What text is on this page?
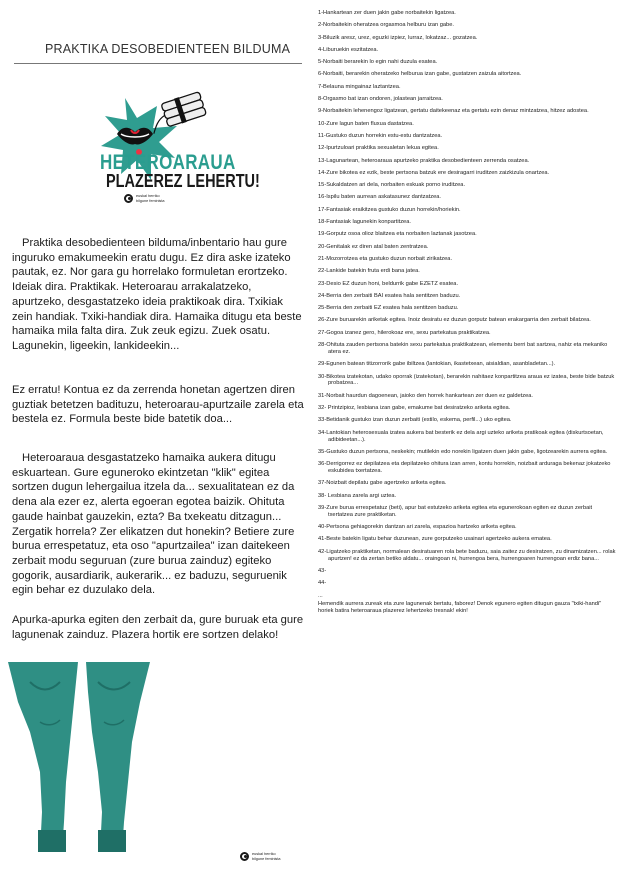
PRAKTIKA DESOBEDIENTEEN BILDUMA
HETEROARAUA
PLAZEREZ LEHERTU!
euskal herriko
bilgune feminista

Praktika desobedienteen bilduma/inbentario hau gure inguruko emakumeekin eratu dugu. Ez dira aske izateko pautak, ez. Nor gara gu horrelako formuletan erortzeko. Ideiak dira. Praktikak. Heteroarau arrakalatzeko, apurtzeko, desgastatzeko ideia praktikoak dira. Txikiak zein handiak. Txiki-handiak dira. Hamaika ditugu eta beste hamaika mila falta dira. Zuk zeuk egizu. Zuek osatu. Lagunekin, ligeekin, lankideekin...

Ez erratu! Kontua ez da zerrenda honetan agertzen diren guztiak betetzen badituzu, heteroarau-apurtzaile zarela eta bestela ez. Formula beste bide batetik doa...

Heteroaraua desgastatzeko hamaika aukera ditugu eskuartean. Gure eguneroko ekintzetan "klik" egitea sortzen dugun lehergailua itzela da... sexualitatean ez da dena ala ezer ez, alerta egoeran egotea baizik. Ohituta gaude hainbat gauzekin, ezta? Ba txekeatu ditzagun... Zergatik horrela? Zer elikatzen dut honekin? Betiere zure burua errespetatuz, eta oso "apurtzailea" izan daitekeen zerbait modu seguruan (zure burua zainduz) egiteko gogorik, ausardiarik, aukerarik... ez baduzu, seguruenik egin behar ez duzulako dela.

Apurka-apurka egiten den zerbait da, gure buruak eta gure lagunenak zainduz. Plazera hortik ere sortzen delako!

euskal herriko
bilgune feminista
1-Hankartean zer duen jakin gabe norbaitekin ligatzea.
2-Norbaitekin oheratzea orgasmoa helburu izan gabe.
3-Biluzik aresz, urez, eguzki izpiez, lurraz, lokatzaz... gozatzea.
4-Liburuekin eszitatzea.
5-Norbaiti berarekin lo egin nahi duzula esatea.
6-Norbaiti, berarekin oheratzeko helburua izan gabe, gustatzen zaizula aitortzea.
7-Belauna mingainaz laztantzea.
8-Orgasmo bat izan ondoren, jolastean jarraitzea.
9-Norbaitekin lehenengoz ligatzean, gertatu daitekeenaz eta gertatu ezin denaz mintzatzea, hitzez adostea.
10-Zure lagun baten fluxua dastatzea.
11-Gustuko duzun horrekin estu-estu dantzatzea.
12-Ipurtzuloari praktika sexualetan lekua egitea.
13-Lagunartean, heteroaraua apurtzeko praktika desobedienteen zerrenda osatzea.
14-Zure bikotea ez ezik, beste pertsona batzuk ere desiragarri iruditzen zaizkizula onartzea.
15-Sukaldatzen ari dela, norbaiten eskuak porno iruditzea.
16-Ispilu baten aurrean askatasunez dantzatzea.
17-Fantasiak eraikitzea gustuko duzun horrekin/horiekin.
18-Fantasiak lagunekin konpartitzea.
19-Gorputz osoa olioz blaitzea eta norbaiten laztanak jasotzea.
20-Genitalak ez diren atal baten zentratzea.
21-Mozorrotzea eta gustuko duzun norbait zirikatzea.
22-Lankide batekin fruta erdi bana jatea.
23-Desio EZ duzun honi, beldurrik gabe EZETZ esatea.
24-Berria den zerbaiti BAI esatea hala sentitzen baduzu.
25-Berria den zerbaiti EZ esatea hala sentitzen baduzu.
26-Zure buruarekin ariketak egitea. Inoiz desiratu ez duzun gorputz batean erakargarria den zerbait bilatzea.
27-Gogoa izanez gero, hilerokoaz ere, sexu partekatua praktikatzea.
28-Ohituta zauden pertsona batekin sexu partekatua praktikatzean, elementu berri bat sartzea, nahiz eta mekaniko atera ez.
29-Egunen batean titizorrorik gabe ibiltzea (lantokian, ikastetxean, aisialdian, asanbladetan...).
30-Bikotea izatekotan, udako oporrak (izatekotan), berarekin nahitaez konpartitzea araua ez izatea, beste bide batzuk probatzea...
31-Norbait haurdun dagoenean, jaioko den horrek hankartean zer duen ez galdetzea.
32- Printzipioz, lesbiana izan gabe, emakume bat desiratzeko ariketa egitea.
33-Betidanik gustuko izan duzun zerbaiti (estilo, eskema, perfil...) uko egitea.
34-Lantokian heterosexuala izatea aukera bat besterik ez dela argi uzteko ariketa pratikoak egitea (diskurtsoetan, adibideetan...).
35-Gustuko duzun pertsona, neskekin; mutilekin edo norekin ligatzen duen jakin gabe, ligotzearekin aurrera egitea.
36-Derrigorrez ez depilatzea eta depilatzeko ohitura izan arren, kontu horrekin, noizbait arduraga bekenaz jokatzeko eskubidea txertatzea.
37-Noizbait depilatu gabe agertzeko ariketa egitea.
38- Lesbiana zarela argi uztea.
39-Zure burua errespetatuz (beti), apur bat estutzeko ariketa egitea eta egunerokoan egiten ez duzun zerbait txertatzea zure praktiketan.
40-Pertsona gehiagorekin dantzan ari zarela, espazioa hartzeko ariketa egitea.
41-Beste batekin ligatu behar duzunean, zure gorputzeko usainari agertzeko aukera ematea.
42-Ligatzeko praktiketan, normalean desiratuaren rola bete baduzu, saia zaitez zu desiratzen, zu dinamizatzen... rolak apurtzen! ez da zertan betiko aldatu... oraingoan ni, hurrengoa bera, hurrengoaren hurrengoan erdiz bana...
43-
44-
...
Hemendik aurrera zureak eta zure lagunenak bertatu, faborez! Denok egunero egiten ditugun gauza "txiki-handi" horiek batira heteroaraua plazerez lehertzeko tresnak! ekin!
